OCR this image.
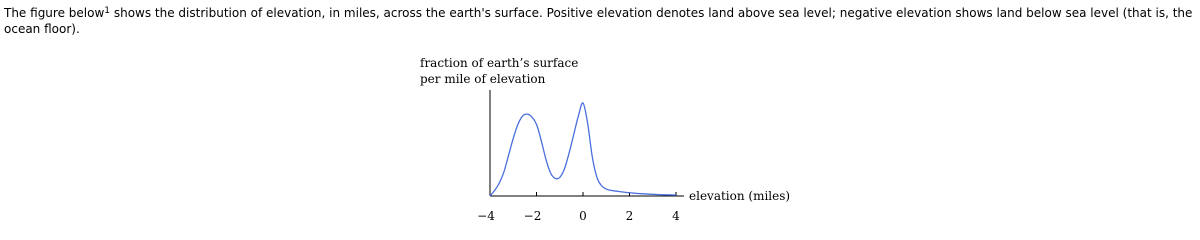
The figure below$^1$ shows the distribution of elevation, in miles, across the earth's surface. Positive elevation denotes land above sea level; negative elevation shows land below sea level (that is, the ocean floor).
fraction of earth’s surface
per mile of elevation
−4 −2	0	2	4
elevation (miles)
